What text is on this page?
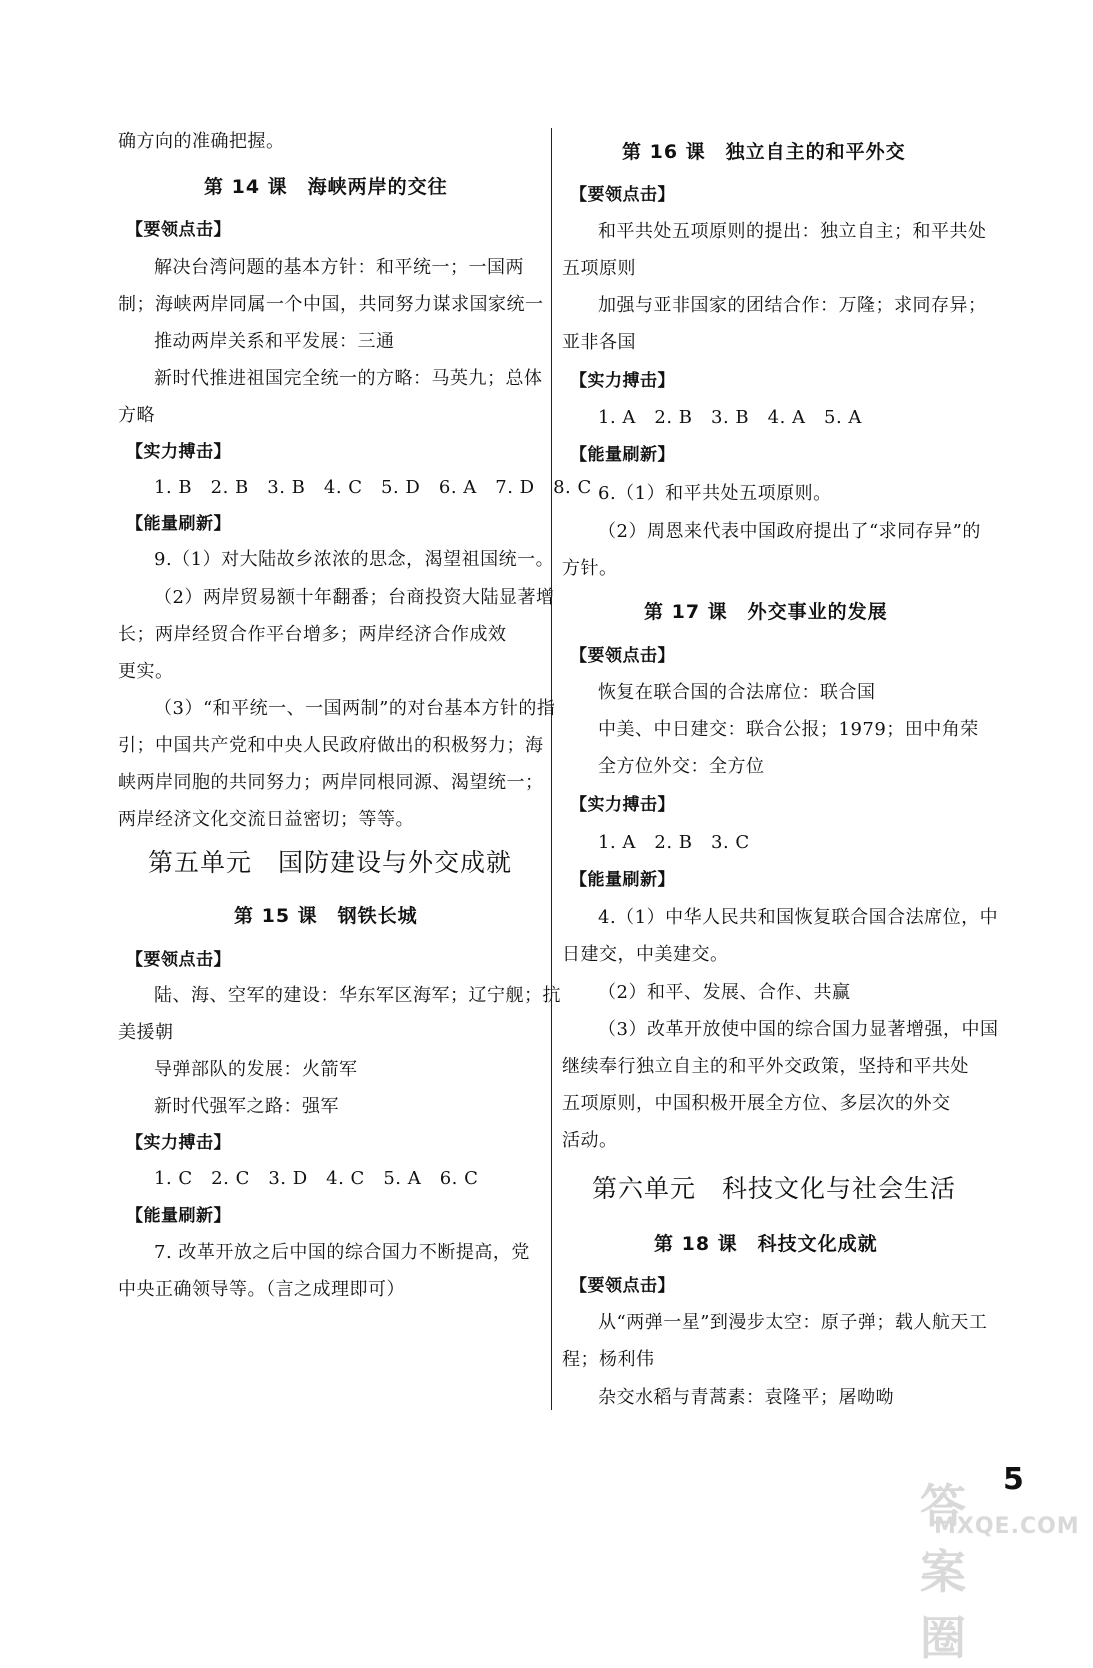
确方向的准确把握。
第 14 课　海峡两岸的交往
【要领点击】
解决台湾问题的基本方针：和平统一；一国两
制；海峡两岸同属一个中国，共同努力谋求国家统一
推动两岸关系和平发展：三通
新时代推进祖国完全统一的方略：马英九；总体
方略
【实力搏击】
1. B　2. B　3. B　4. C　5. D　6. A　7. D　8. C
【能量刷新】
9.（1）对大陆故乡浓浓的思念，渴望祖国统一。
（2）两岸贸易额十年翻番；台商投资大陆显著增
长；两岸经贸合作平台增多；两岸经济合作成效
更实。
（3）“和平统一、一国两制”的对台基本方针的指
引；中国共产党和中央人民政府做出的积极努力；海
峡两岸同胞的共同努力；两岸同根同源、渴望统一；
两岸经济文化交流日益密切；等等。
第五单元　国防建设与外交成就
第 15 课　钢铁长城
【要领点击】
陆、海、空军的建设：华东军区海军；辽宁舰；抗
美援朝
导弹部队的发展：火箭军
新时代强军之路：强军
【实力搏击】
1. C　2. C　3. D　4. C　5. A　6. C
【能量刷新】
7. 改革开放之后中国的综合国力不断提高，党
中央正确领导等。（言之成理即可）
第 16 课　独立自主的和平外交
【要领点击】
和平共处五项原则的提出：独立自主；和平共处
五项原则
加强与亚非国家的团结合作：万隆；求同存异；
亚非各国
【实力搏击】
1. A　2. B　3. B　4. A　5. A
【能量刷新】
6.（1）和平共处五项原则。
（2）周恩来代表中国政府提出了“求同存异”的
方针。
第 17 课　外交事业的发展
【要领点击】
恢复在联合国的合法席位：联合国
中美、中日建交：联合公报；1979；田中角荣
全方位外交：全方位
【实力搏击】
1. A　2. B　3. C
【能量刷新】
4.（1）中华人民共和国恢复联合国合法席位，中
日建交，中美建交。
（2）和平、发展、合作、共赢
（3）改革开放使中国的综合国力显著增强，中国
继续奉行独立自主的和平外交政策，坚持和平共处
五项原则，中国积极开展全方位、多层次的外交
活动。
第六单元　科技文化与社会生活
第 18 课　科技文化成就
【要领点击】
从“两弹一星”到漫步太空：原子弹；载人航天工
程；杨利伟
杂交水稻与青蒿素：袁隆平；屠呦呦
答案圈
MXQE.COM
5
